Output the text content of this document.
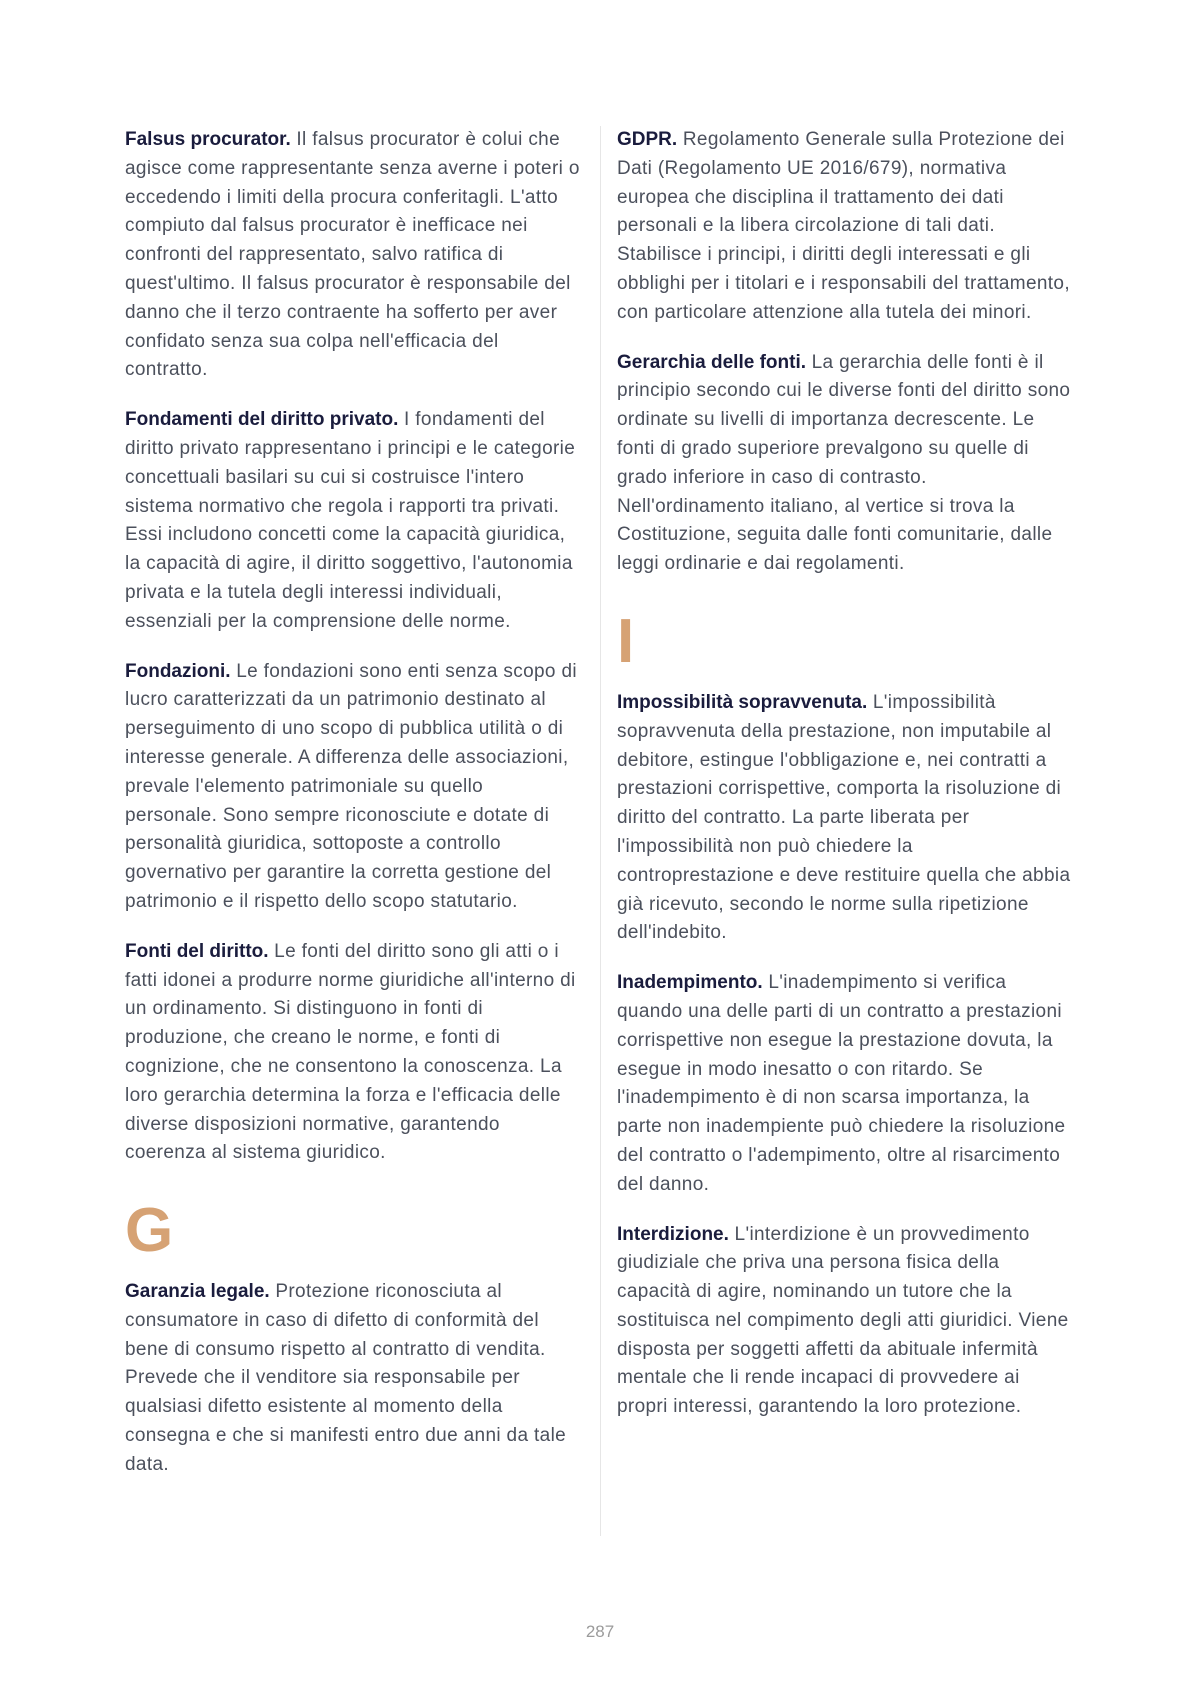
Falsus procurator. Il falsus procurator è colui che agisce come rappresentante senza averne i poteri o eccedendo i limiti della procura conferitagli. L'atto compiuto dal falsus procurator è inefficace nei confronti del rappresentato, salvo ratifica di quest'ultimo. Il falsus procurator è responsabile del danno che il terzo contraente ha sofferto per aver confidato senza sua colpa nell'efficacia del contratto.

Fondamenti del diritto privato. I fondamenti del diritto privato rappresentano i principi e le categorie concettuali basilari su cui si costruisce l'intero sistema normativo che regola i rapporti tra privati. Essi includono concetti come la capacità giuridica, la capacità di agire, il diritto soggettivo, l'autonomia privata e la tutela degli interessi individuali, essenziali per la comprensione delle norme.

Fondazioni. Le fondazioni sono enti senza scopo di lucro caratterizzati da un patrimonio destinato al perseguimento di uno scopo di pubblica utilità o di interesse generale. A differenza delle associazioni, prevale l'elemento patrimoniale su quello personale. Sono sempre riconosciute e dotate di personalità giuridica, sottoposte a controllo governativo per garantire la corretta gestione del patrimonio e il rispetto dello scopo statutario.

Fonti del diritto. Le fonti del diritto sono gli atti o i fatti idonei a produrre norme giuridiche all'interno di un ordinamento. Si distinguono in fonti di produzione, che creano le norme, e fonti di cognizione, che ne consentono la conoscenza. La loro gerarchia determina la forza e l'efficacia delle diverse disposizioni normative, garantendo coerenza al sistema giuridico.

G

Garanzia legale. Protezione riconosciuta al consumatore in caso di difetto di conformità del bene di consumo rispetto al contratto di vendita. Prevede che il venditore sia responsabile per qualsiasi difetto esistente al momento della consegna e che si manifesti entro due anni da tale data.

GDPR. Regolamento Generale sulla Protezione dei Dati (Regolamento UE 2016/679), normativa europea che disciplina il trattamento dei dati personali e la libera circolazione di tali dati. Stabilisce i principi, i diritti degli interessati e gli obblighi per i titolari e i responsabili del trattamento, con particolare attenzione alla tutela dei minori.

Gerarchia delle fonti. La gerarchia delle fonti è il principio secondo cui le diverse fonti del diritto sono ordinate su livelli di importanza decrescente. Le fonti di grado superiore prevalgono su quelle di grado inferiore in caso di contrasto. Nell'ordinamento italiano, al vertice si trova la Costituzione, seguita dalle fonti comunitarie, dalle leggi ordinarie e dai regolamenti.

I

Impossibilità sopravvenuta. L'impossibilità sopravvenuta della prestazione, non imputabile al debitore, estingue l'obbligazione e, nei contratti a prestazioni corrispettive, comporta la risoluzione di diritto del contratto. La parte liberata per l'impossibilità non può chiedere la controprestazione e deve restituire quella che abbia già ricevuto, secondo le norme sulla ripetizione dell'indebito.

Inadempimento. L'inadempimento si verifica quando una delle parti di un contratto a prestazioni corrispettive non esegue la prestazione dovuta, la esegue in modo inesatto o con ritardo. Se l'inadempimento è di non scarsa importanza, la parte non inadempiente può chiedere la risoluzione del contratto o l'adempimento, oltre al risarcimento del danno.

Interdizione. L'interdizione è un provvedimento giudiziale che priva una persona fisica della capacità di agire, nominando un tutore che la sostituisca nel compimento degli atti giuridici. Viene disposta per soggetti affetti da abituale infermità mentale che li rende incapaci di provvedere ai propri interessi, garantendo la loro protezione.

287
